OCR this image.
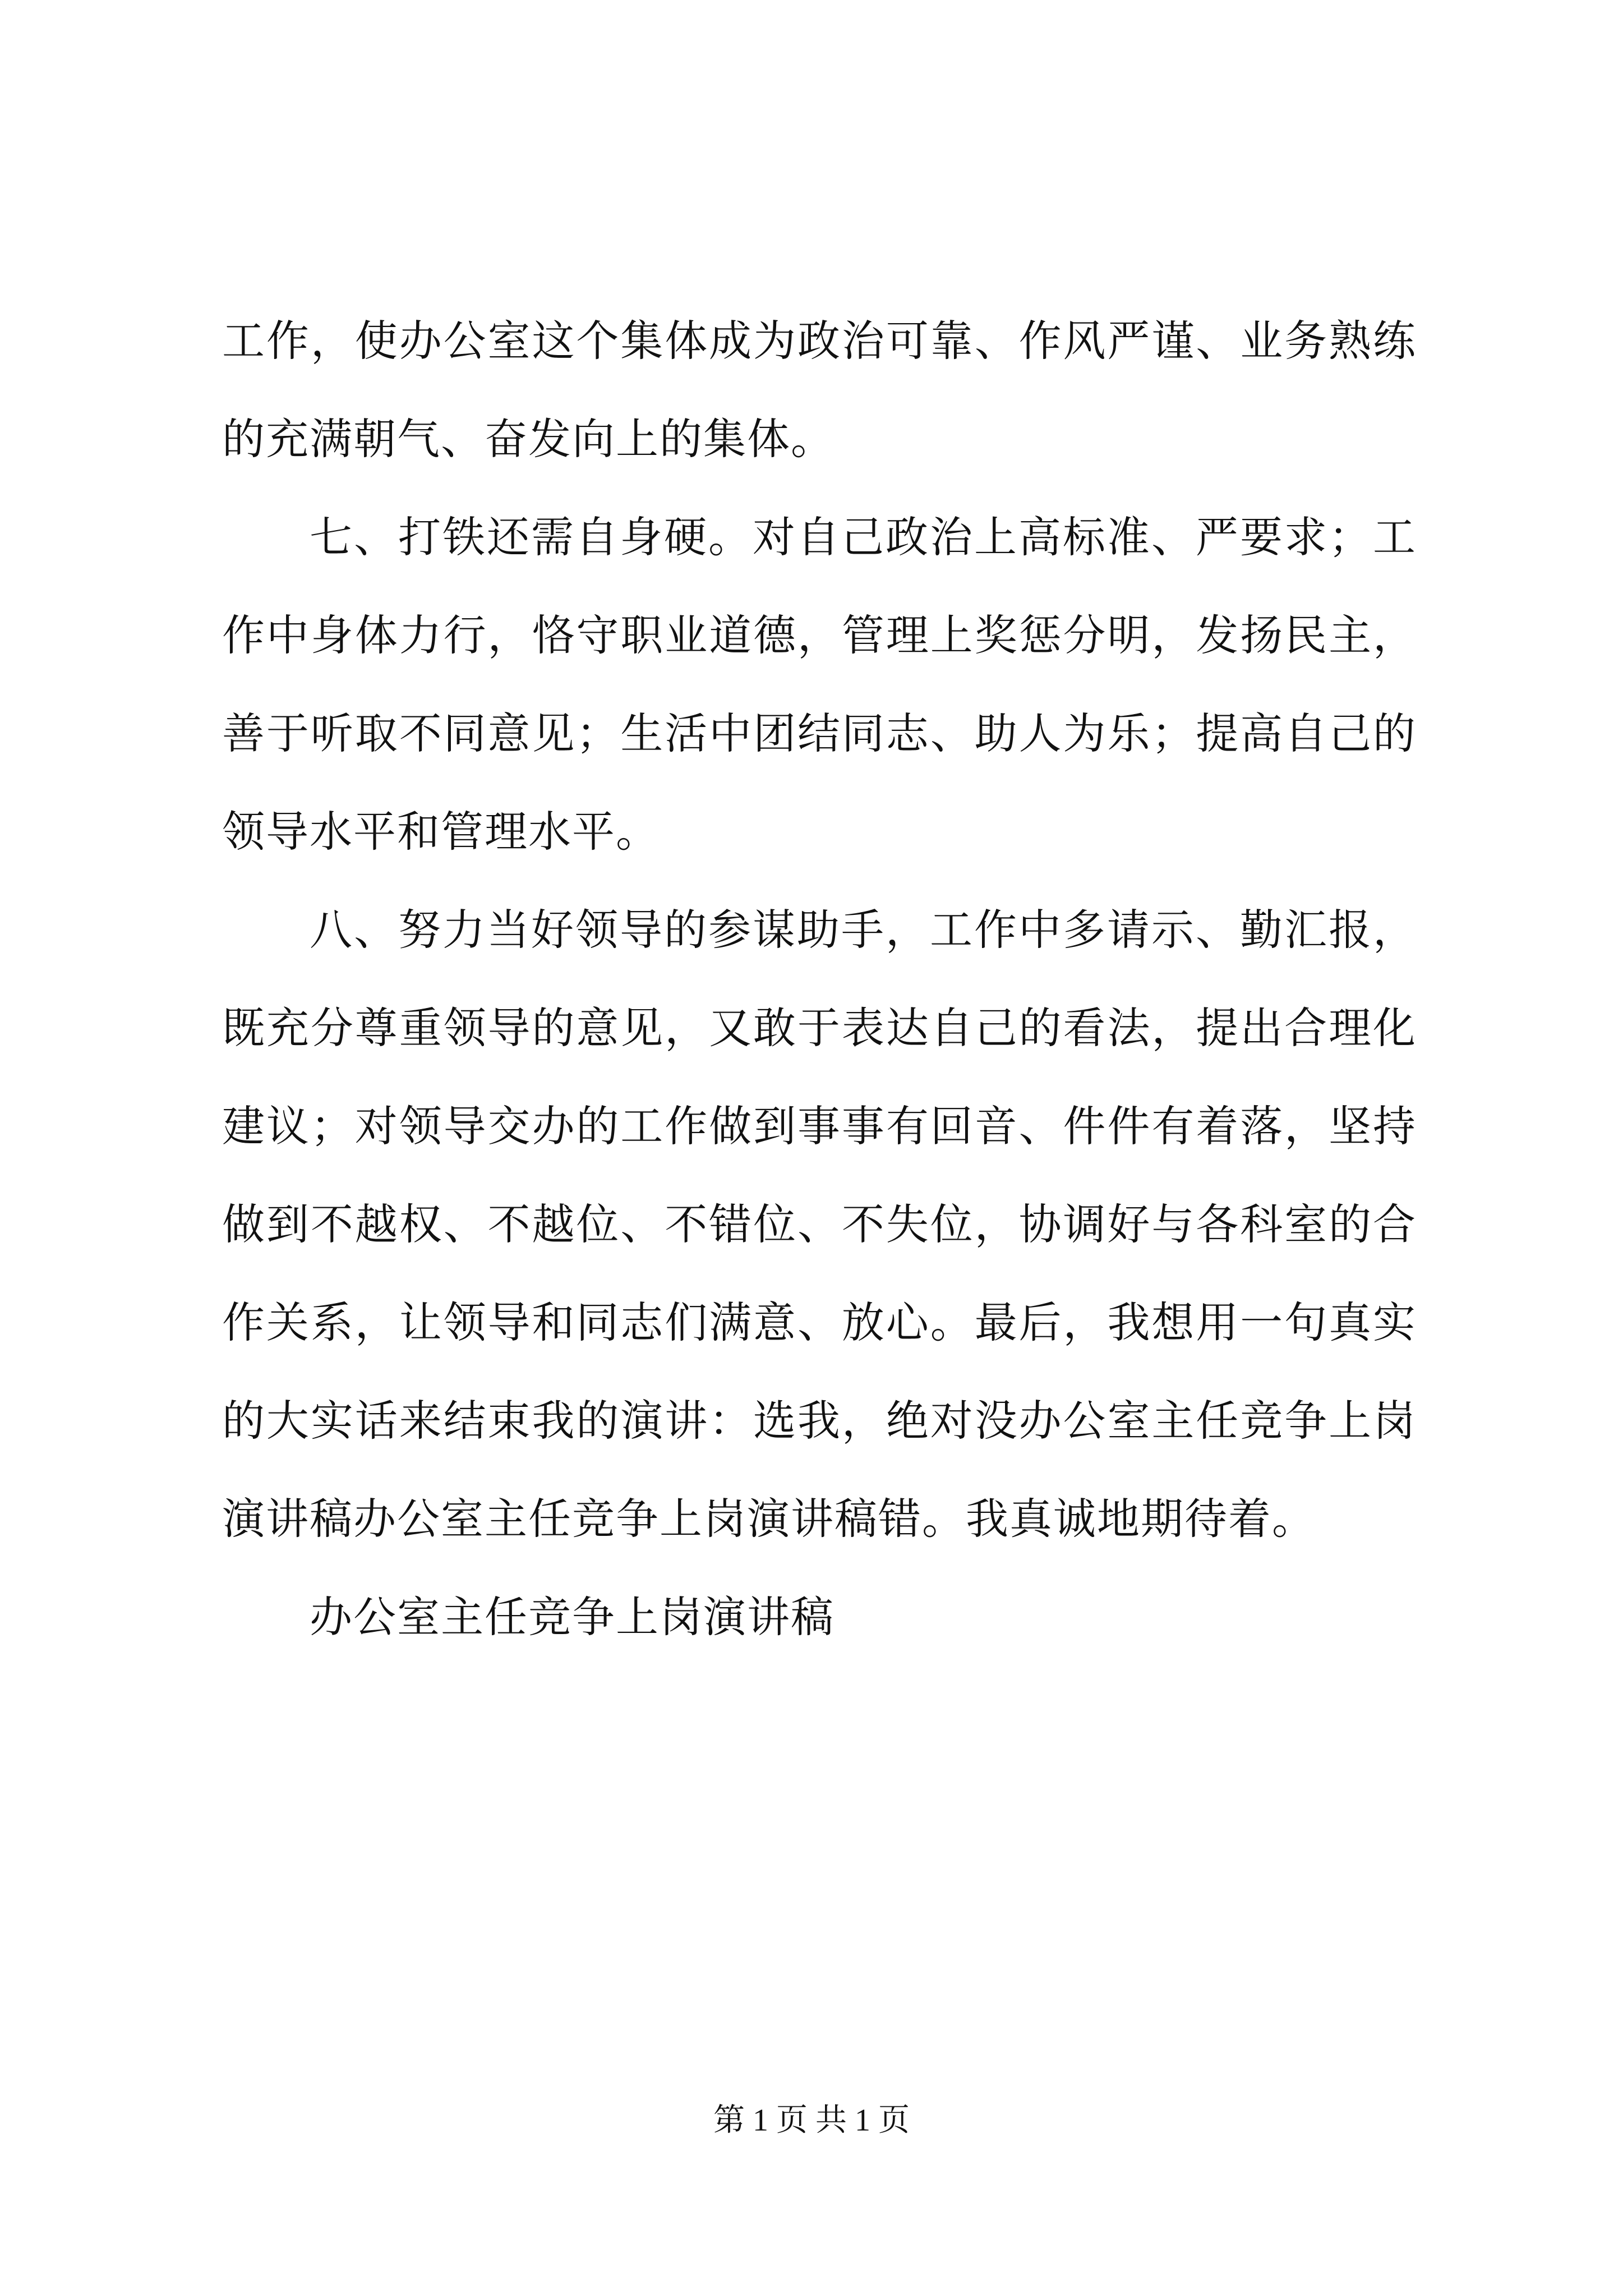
工作，使办公室这个集体成为政治可靠、作风严谨、业务熟练的充满朝气、奋发向上的集体。

七、打铁还需自身硬。对自己政治上高标准、严要求；工作中身体力行，恪守职业道德，管理上奖惩分明，发扬民主，善于听取不同意见；生活中团结同志、助人为乐；提高自己的领导水平和管理水平。

八、努力当好领导的参谋助手，工作中多请示、勤汇报，既充分尊重领导的意见，又敢于表达自己的看法，提出合理化建议；对领导交办的工作做到事事有回音、件件有着落，坚持做到不越权、不越位、不错位、不失位，协调好与各科室的合作关系，让领导和同志们满意、放心。最后，我想用一句真实的大实话来结束我的演讲：选我，绝对没办公室主任竞争上岗演讲稿办公室主任竞争上岗演讲稿错。我真诚地期待着。

办公室主任竞争上岗演讲稿

第 1 页 共 1 页
